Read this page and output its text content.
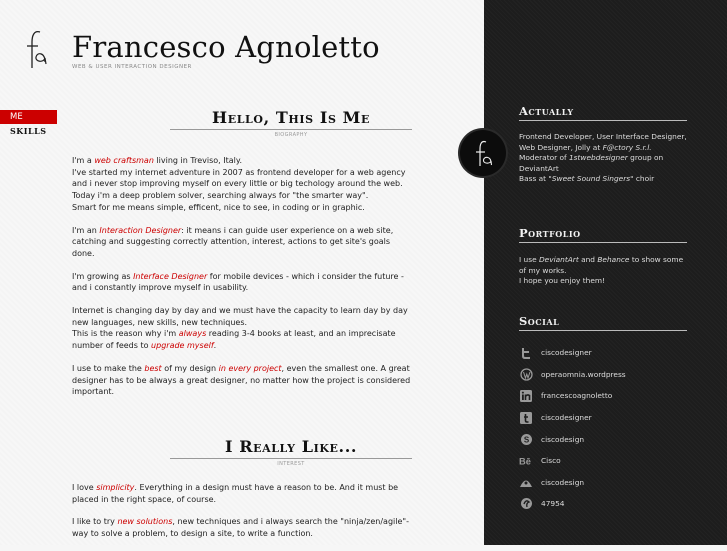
Francesco Agnoletto
WEB & USER INTERACTION DESIGNER
ME
SKILLS
Hello, This Is Me
BIOGRAPHY

I'm a web craftsman living in Treviso, Italy.
I've started my internet adventure in 2007 as frontend developer for a web agency and i never stop improving myself on every little or big techology around the web.
Today i'm a deep problem solver, searching always for "the smarter way".
Smart for me means simple, efficent, nice to see, in coding or in graphic.

I'm an Interaction Designer: it means i can guide user experience on a web site, catching and suggesting correctly attention, interest, actions to get site's goals done.

I'm growing as Interface Designer for mobile devices - which i consider the future - and i constantly improve myself in usability.

Internet is changing day by day and we must have the capacity to learn day by day new languages, new skills, new techniques.
This is the reason why i'm always reading 3-4 books at least, and an imprecisate number of feeds to upgrade myself.

I use to make the best of my design in every project, even the smallest one. A great designer has to be always a great designer, no matter how the project is considered important.

I Really Like...
INTEREST

I love simplicity. Everything in a design must have a reason to be. And it must be placed in the right space, of course.

I like to try new solutions, new techniques and i always search the "ninja/zen/agile"-way to solve a problem, to design a site, to write a function.

Actually
Frontend Developer, User Interface Designer, Web Designer, Jolly at F@ctory S.r.l.
Moderator of 1stwebdesigner group on DeviantArt
Bass at "Sweet Sound Singers" choir
Portfolio
I use DeviantArt and Behance to show some of my works.
I hope you enjoy them!
Social
ciscodesigner
operaomnia.wordpress
francescoagnoletto
ciscodesigner
S ciscodesign
Bē Cisco
ciscodesign
47954
